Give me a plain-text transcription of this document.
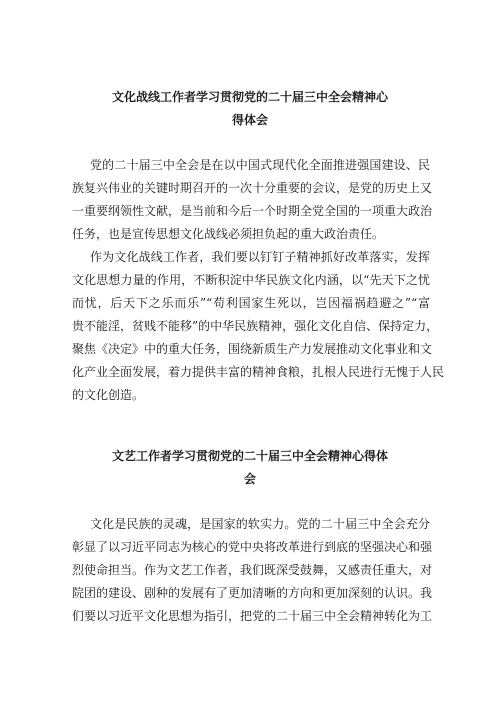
文化战线工作者学习贯彻党的二十届三中全会精神心
得体会
党的二十届三中全会是在以中国式现代化全面推进强国建设、民
族复兴伟业的关键时期召开的一次十分重要的会议，是党的历史上又
一重要纲领性文献，是当前和今后一个时期全党全国的一项重大政治
任务，也是宣传思想文化战线必须担负起的重大政治责任。
作为文化战线工作者，我们要以钉钉子精神抓好改革落实，发挥
文化思想力量的作用，不断积淀中华民族文化内涵，以“先天下之忧
而忧，后天下之乐而乐”“苟利国家生死以，岂因福祸趋避之”“富
贵不能淫，贫贱不能移”的中华民族精神，强化文化自信、保持定力，
聚焦《决定》中的重大任务，围绕新质生产力发展推动文化事业和文
化产业全面发展，着力提供丰富的精神食粮，扎根人民进行无愧于人民
的文化创造。
文艺工作者学习贯彻党的二十届三中全会精神心得体
会
文化是民族的灵魂，是国家的软实力。党的二十届三中全会充分
彰显了以习近平同志为核心的党中央将改革进行到底的坚强决心和强
烈使命担当。作为文艺工作者，我们既深受鼓舞，又感责任重大，对
院团的建设、剧种的发展有了更加清晰的方向和更加深刻的认识。我
们要以习近平文化思想为指引，把党的二十届三中全会精神转化为工
